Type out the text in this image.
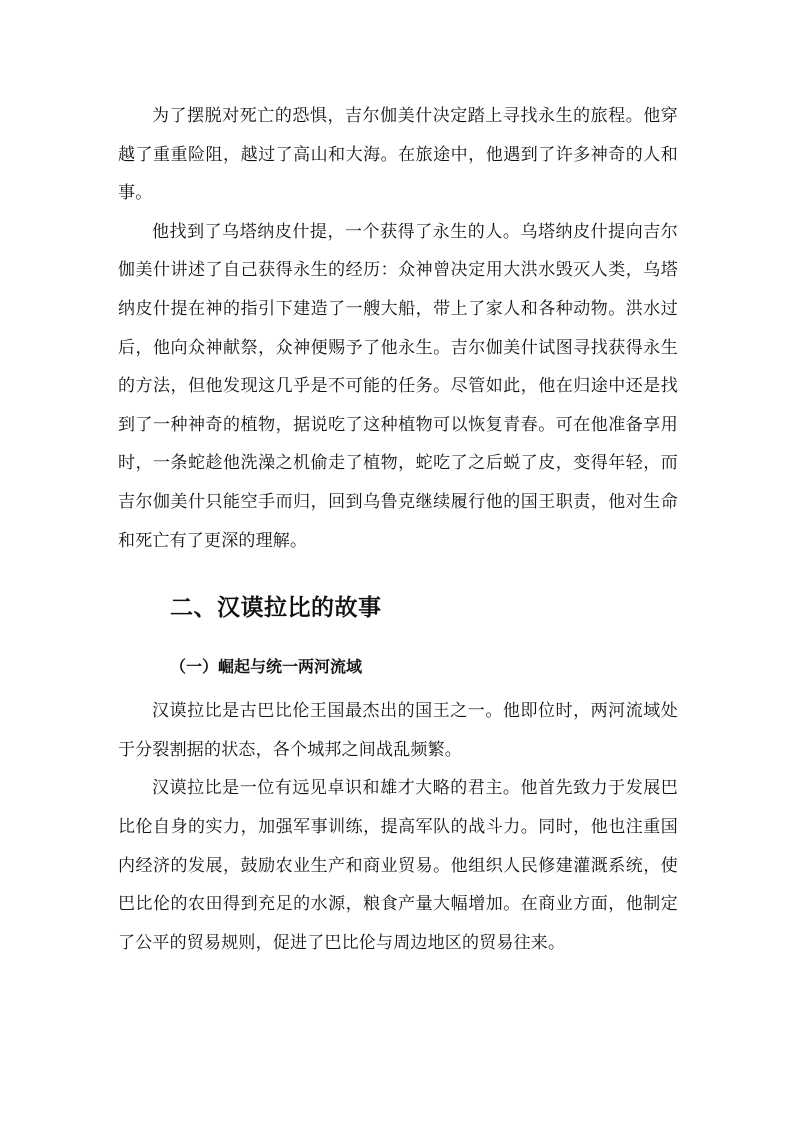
为了摆脱对死亡的恐惧，吉尔伽美什决定踏上寻找永生的旅程。他穿越了重重险阻，越过了高山和大海。在旅途中，他遇到了许多神奇的人和事。

他找到了乌塔纳皮什提，一个获得了永生的人。乌塔纳皮什提向吉尔伽美什讲述了自己获得永生的经历：众神曾决定用大洪水毁灭人类，乌塔纳皮什提在神的指引下建造了一艘大船，带上了家人和各种动物。洪水过后，他向众神献祭，众神便赐予了他永生。吉尔伽美什试图寻找获得永生的方法，但他发现这几乎是不可能的任务。尽管如此，他在归途中还是找到了一种神奇的植物，据说吃了这种植物可以恢复青春。可在他准备享用时，一条蛇趁他洗澡之机偷走了植物，蛇吃了之后蜕了皮，变得年轻，而吉尔伽美什只能空手而归，回到乌鲁克继续履行他的国王职责，他对生命和死亡有了更深的理解。

二、汉谟拉比的故事
（一）崛起与统一两河流域

汉谟拉比是古巴比伦王国最杰出的国王之一。他即位时，两河流域处于分裂割据的状态，各个城邦之间战乱频繁。

汉谟拉比是一位有远见卓识和雄才大略的君主。他首先致力于发展巴比伦自身的实力，加强军事训练，提高军队的战斗力。同时，他也注重国内经济的发展，鼓励农业生产和商业贸易。他组织人民修建灌溉系统，使巴比伦的农田得到充足的水源，粮食产量大幅增加。在商业方面，他制定了公平的贸易规则，促进了巴比伦与周边地区的贸易往来。
